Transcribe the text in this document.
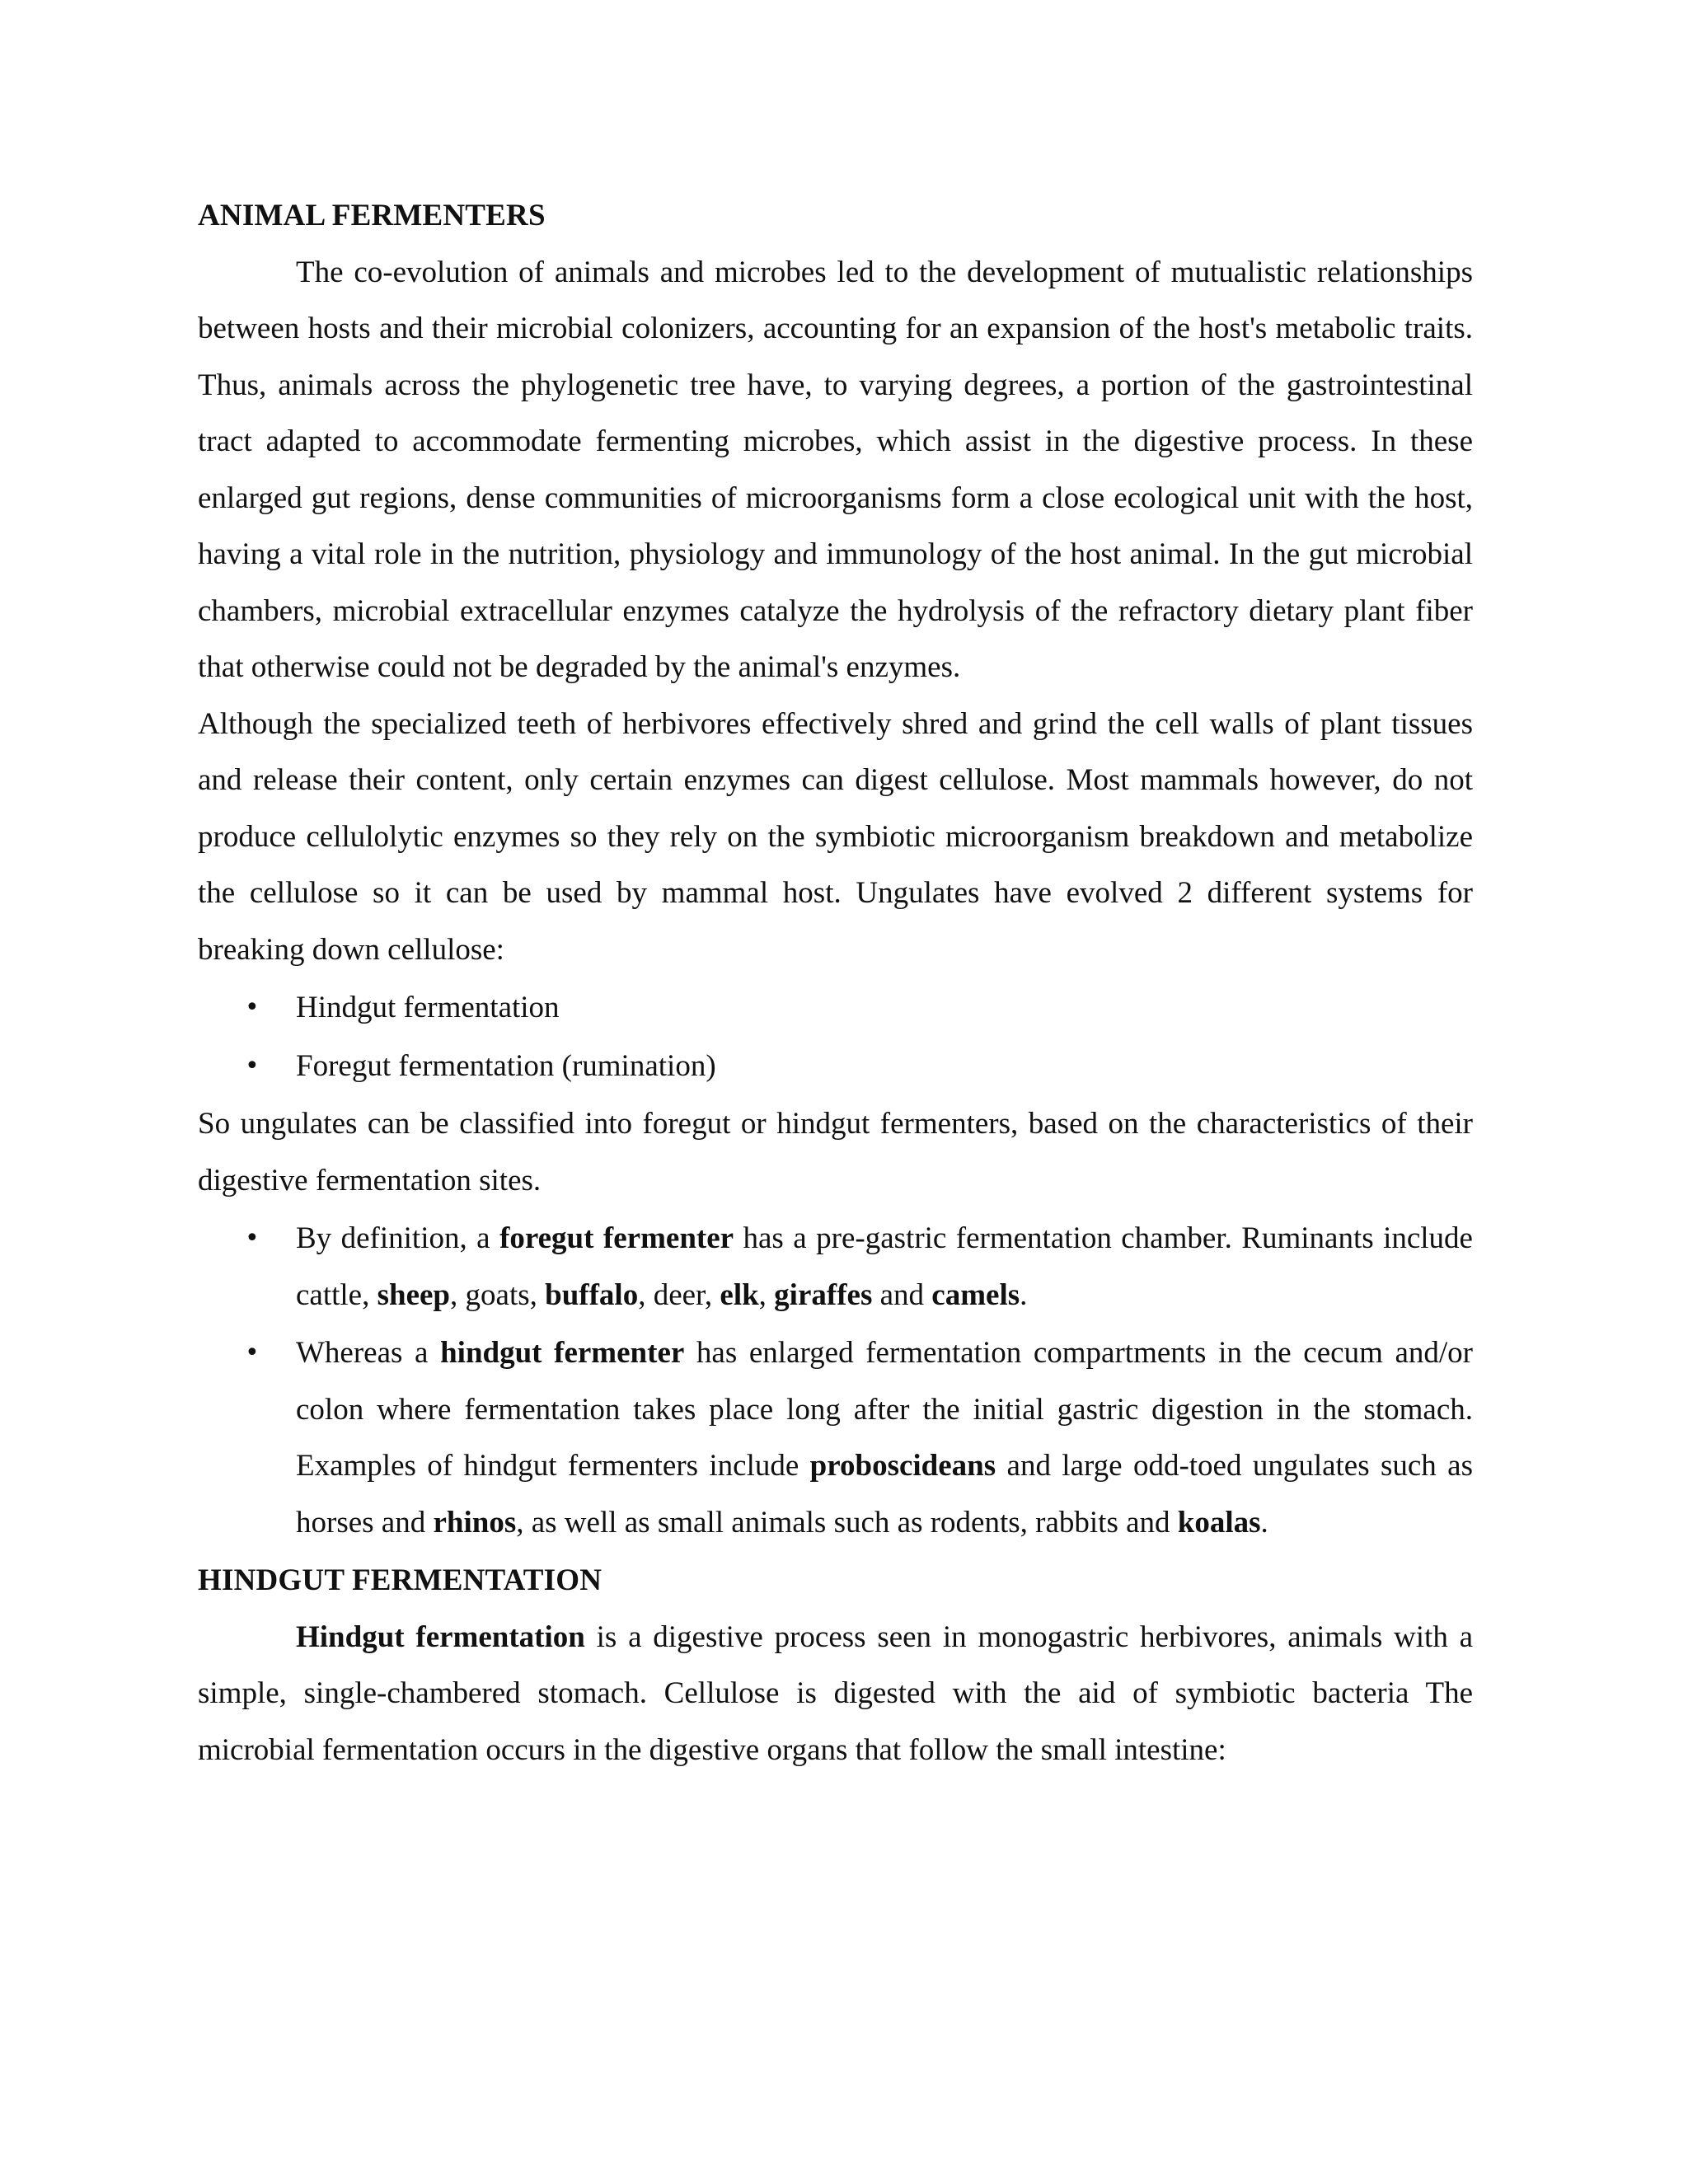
ANIMAL FERMENTERS

The co-evolution of animals and microbes led to the development of mutualistic relationships between hosts and their microbial colonizers, accounting for an expansion of the host's metabolic traits. Thus, animals across the phylogenetic tree have, to varying degrees, a portion of the gastrointestinal tract adapted to accommodate fermenting microbes, which assist in the digestive process. In these enlarged gut regions, dense communities of microorganisms form a close ecological unit with the host, having a vital role in the nutrition, physiology and immunology of the host animal. In the gut microbial chambers, microbial extracellular enzymes catalyze the hydrolysis of the refractory dietary plant fiber that otherwise could not be degraded by the animal's enzymes.

Although the specialized teeth of herbivores effectively shred and grind the cell walls of plant tissues and release their content, only certain enzymes can digest cellulose. Most mammals however, do not produce cellulolytic enzymes so they rely on the symbiotic microorganism breakdown and metabolize the cellulose so it can be used by mammal host. Ungulates have evolved 2 different systems for breaking down cellulose:

• Hindgut fermentation
• Foregut fermentation (rumination)

So ungulates can be classified into foregut or hindgut fermenters, based on the characteristics of their digestive fermentation sites.

• By definition, a foregut fermenter has a pre-gastric fermentation chamber. Ruminants include cattle, sheep, goats, buffalo, deer, elk, giraffes and camels.
• Whereas a hindgut fermenter has enlarged fermentation compartments in the cecum and/or colon where fermentation takes place long after the initial gastric digestion in the stomach. Examples of hindgut fermenters include proboscideans and large odd-toed ungulates such as horses and rhinos, as well as small animals such as rodents, rabbits and koalas.
HINDGUT FERMENTATION

Hindgut fermentation is a digestive process seen in monogastric herbivores, animals with a simple, single-chambered stomach. Cellulose is digested with the aid of symbiotic bacteria The microbial fermentation occurs in the digestive organs that follow the small intestine:
